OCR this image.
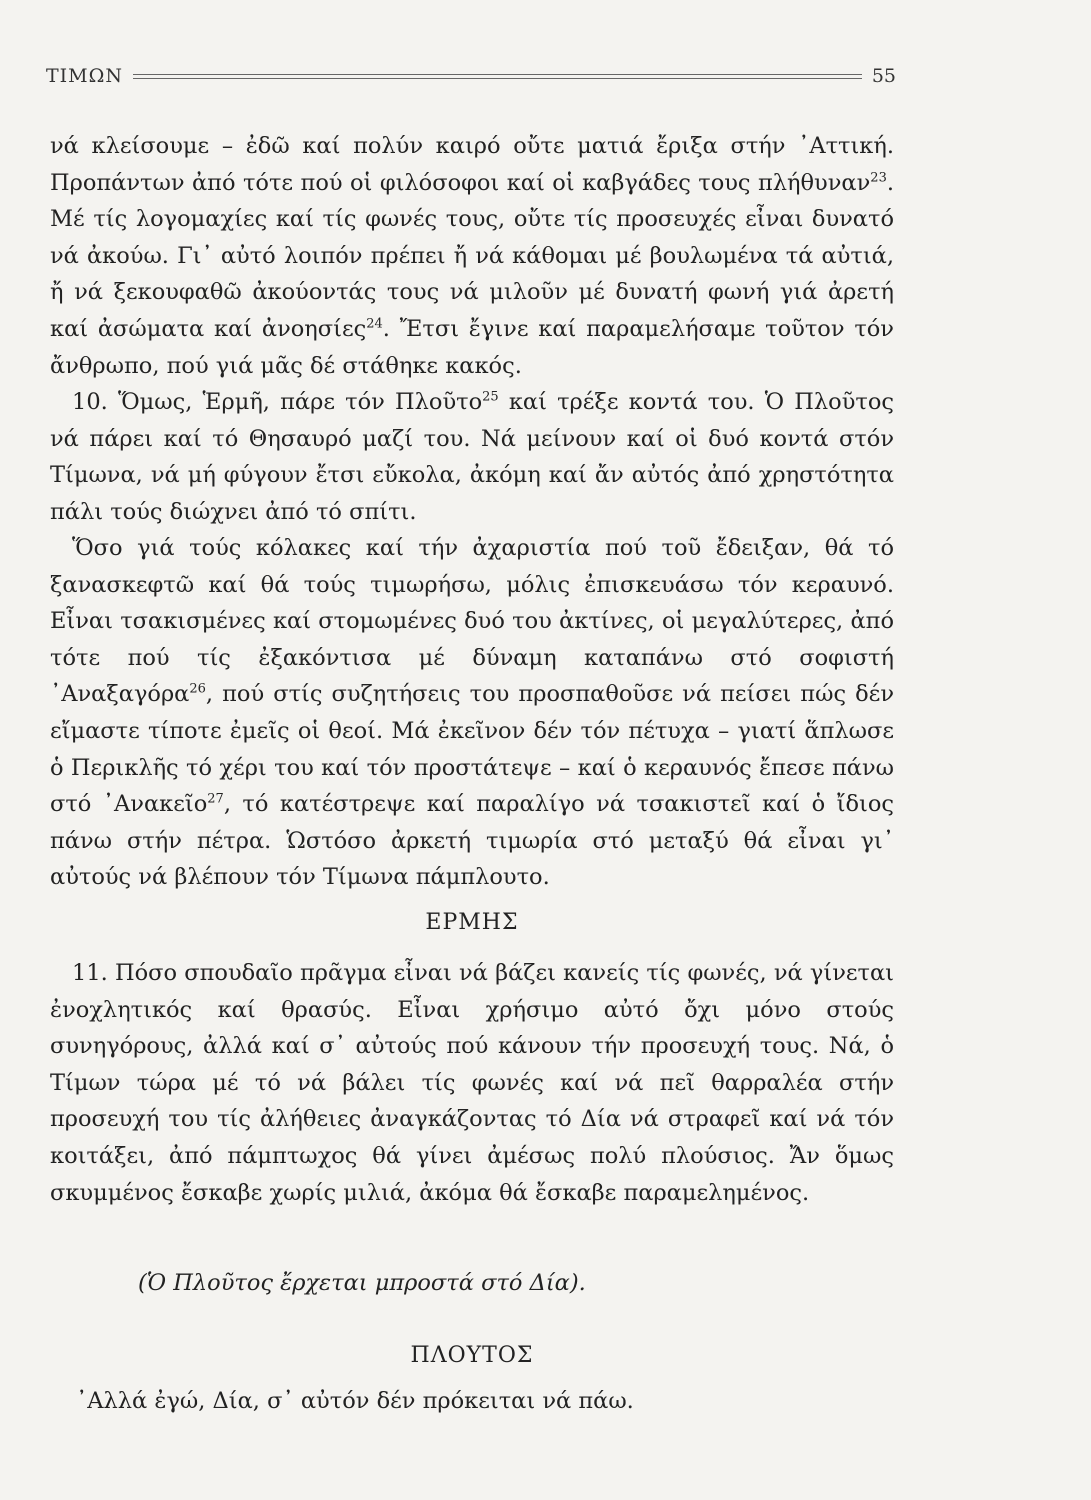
ΤΙΜΩΝ	55

νά κλείσουμε – ἐδῶ καί πολύν καιρό οὔτε ματιά ἔριξα στήν ᾿Αττική. Προπάντων ἀπό τότε πού οἱ φιλόσοφοι καί οἱ καβγάδες τους πλήθυναν$^{23}$. Μέ τίς λογομαχίες καί τίς φωνές τους, οὔτε τίς προσευχές εἶναι δυνατό νά ἀκούω. Γι᾿ αὐτό λοιπόν πρέπει ἤ νά κάθομαι μέ βουλωμένα τά αὐτιά, ἤ νά ξεκουφαθῶ ἀκούοντάς τους νά μιλοῦν μέ δυνατή φωνή γιά ἀρετή καί ἀσώματα καί ἀνοησίες$^{24}$. Ἔτσι ἔγινε καί παραμελήσαμε τοῦτον τόν ἄνθρωπο, πού γιά μᾶς δέ στάθηκε κακός.

10. Ὅμως, Ἑρμῆ, πάρε τόν Πλοῦτο$^{25}$ καί τρέξε κοντά του. Ὁ Πλοῦτος νά πάρει καί τό Θησαυρό μαζί του. Νά μείνουν καί οἱ δυό κοντά στόν Τίμωνα, νά μή φύγουν ἔτσι εὔκολα, ἀκόμη καί ἄν αὐτός ἀπό χρηστότητα πάλι τούς διώχνει ἀπό τό σπίτι.

Ὅσο γιά τούς κόλακες καί τήν ἀχαριστία πού τοῦ ἔδειξαν, θά τό ξανασκεφτῶ καί θά τούς τιμωρήσω, μόλις ἐπισκευάσω τόν κεραυνό. Εἶναι τσακισμένες καί στομωμένες δυό του ἀκτίνες, οἱ μεγαλύτερες, ἀπό τότε πού τίς ἐξακόντισα μέ δύναμη καταπάνω στό σοφιστή ᾿Αναξαγόρα$^{26}$, πού στίς συζητήσεις του προσπαθοῦσε νά πείσει πώς δέν εἴμαστε τίποτε ἐμεῖς οἱ θεοί. Μά ἐκεῖνον δέν τόν πέτυχα – γιατί ἅπλωσε ὁ Περικλῆς τό χέρι του καί τόν προστάτεψε – καί ὁ κεραυνός ἔπεσε πάνω στό ᾿Ανακεῖο$^{27}$, τό κατέστρεψε καί παραλίγο νά τσακιστεῖ καί ὁ ἴδιος πάνω στήν πέτρα. Ὡστόσο ἀρκετή τιμωρία στό μεταξύ θά εἶναι γι᾿ αὐτούς νά βλέπουν τόν Τίμωνα πάμπλουτο.

ΕΡΜΗΣ

11. Πόσο σπουδαῖο πρᾶγμα εἶναι νά βάζει κανείς τίς φωνές, νά γίνεται ἐνοχλητικός καί θρασύς. Εἶναι χρήσιμο αὐτό ὄχι μόνο στούς συνηγόρους, ἀλλά καί σ᾿ αὐτούς πού κάνουν τήν προσευχή τους. Νά, ὁ Τίμων τώρα μέ τό νά βάλει τίς φωνές καί νά πεῖ θαρραλέα στήν προσευχή του τίς ἀλήθειες ἀναγκάζοντας τό Δία νά στραφεῖ καί νά τόν κοιτάξει, ἀπό πάμπτωχος θά γίνει ἀμέσως πολύ πλούσιος. Ἄν ὅμως σκυμμένος ἔσκαβε χωρίς μιλιά, ἀκόμα θά ἔσκαβε παραμελημένος.

(Ὁ Πλοῦτος ἔρχεται μπροστά στό Δία).
ΠΛΟΥΤΟΣ
᾿Αλλά ἐγώ, Δία, σ᾿ αὐτόν δέν πρόκειται νά πάω.
